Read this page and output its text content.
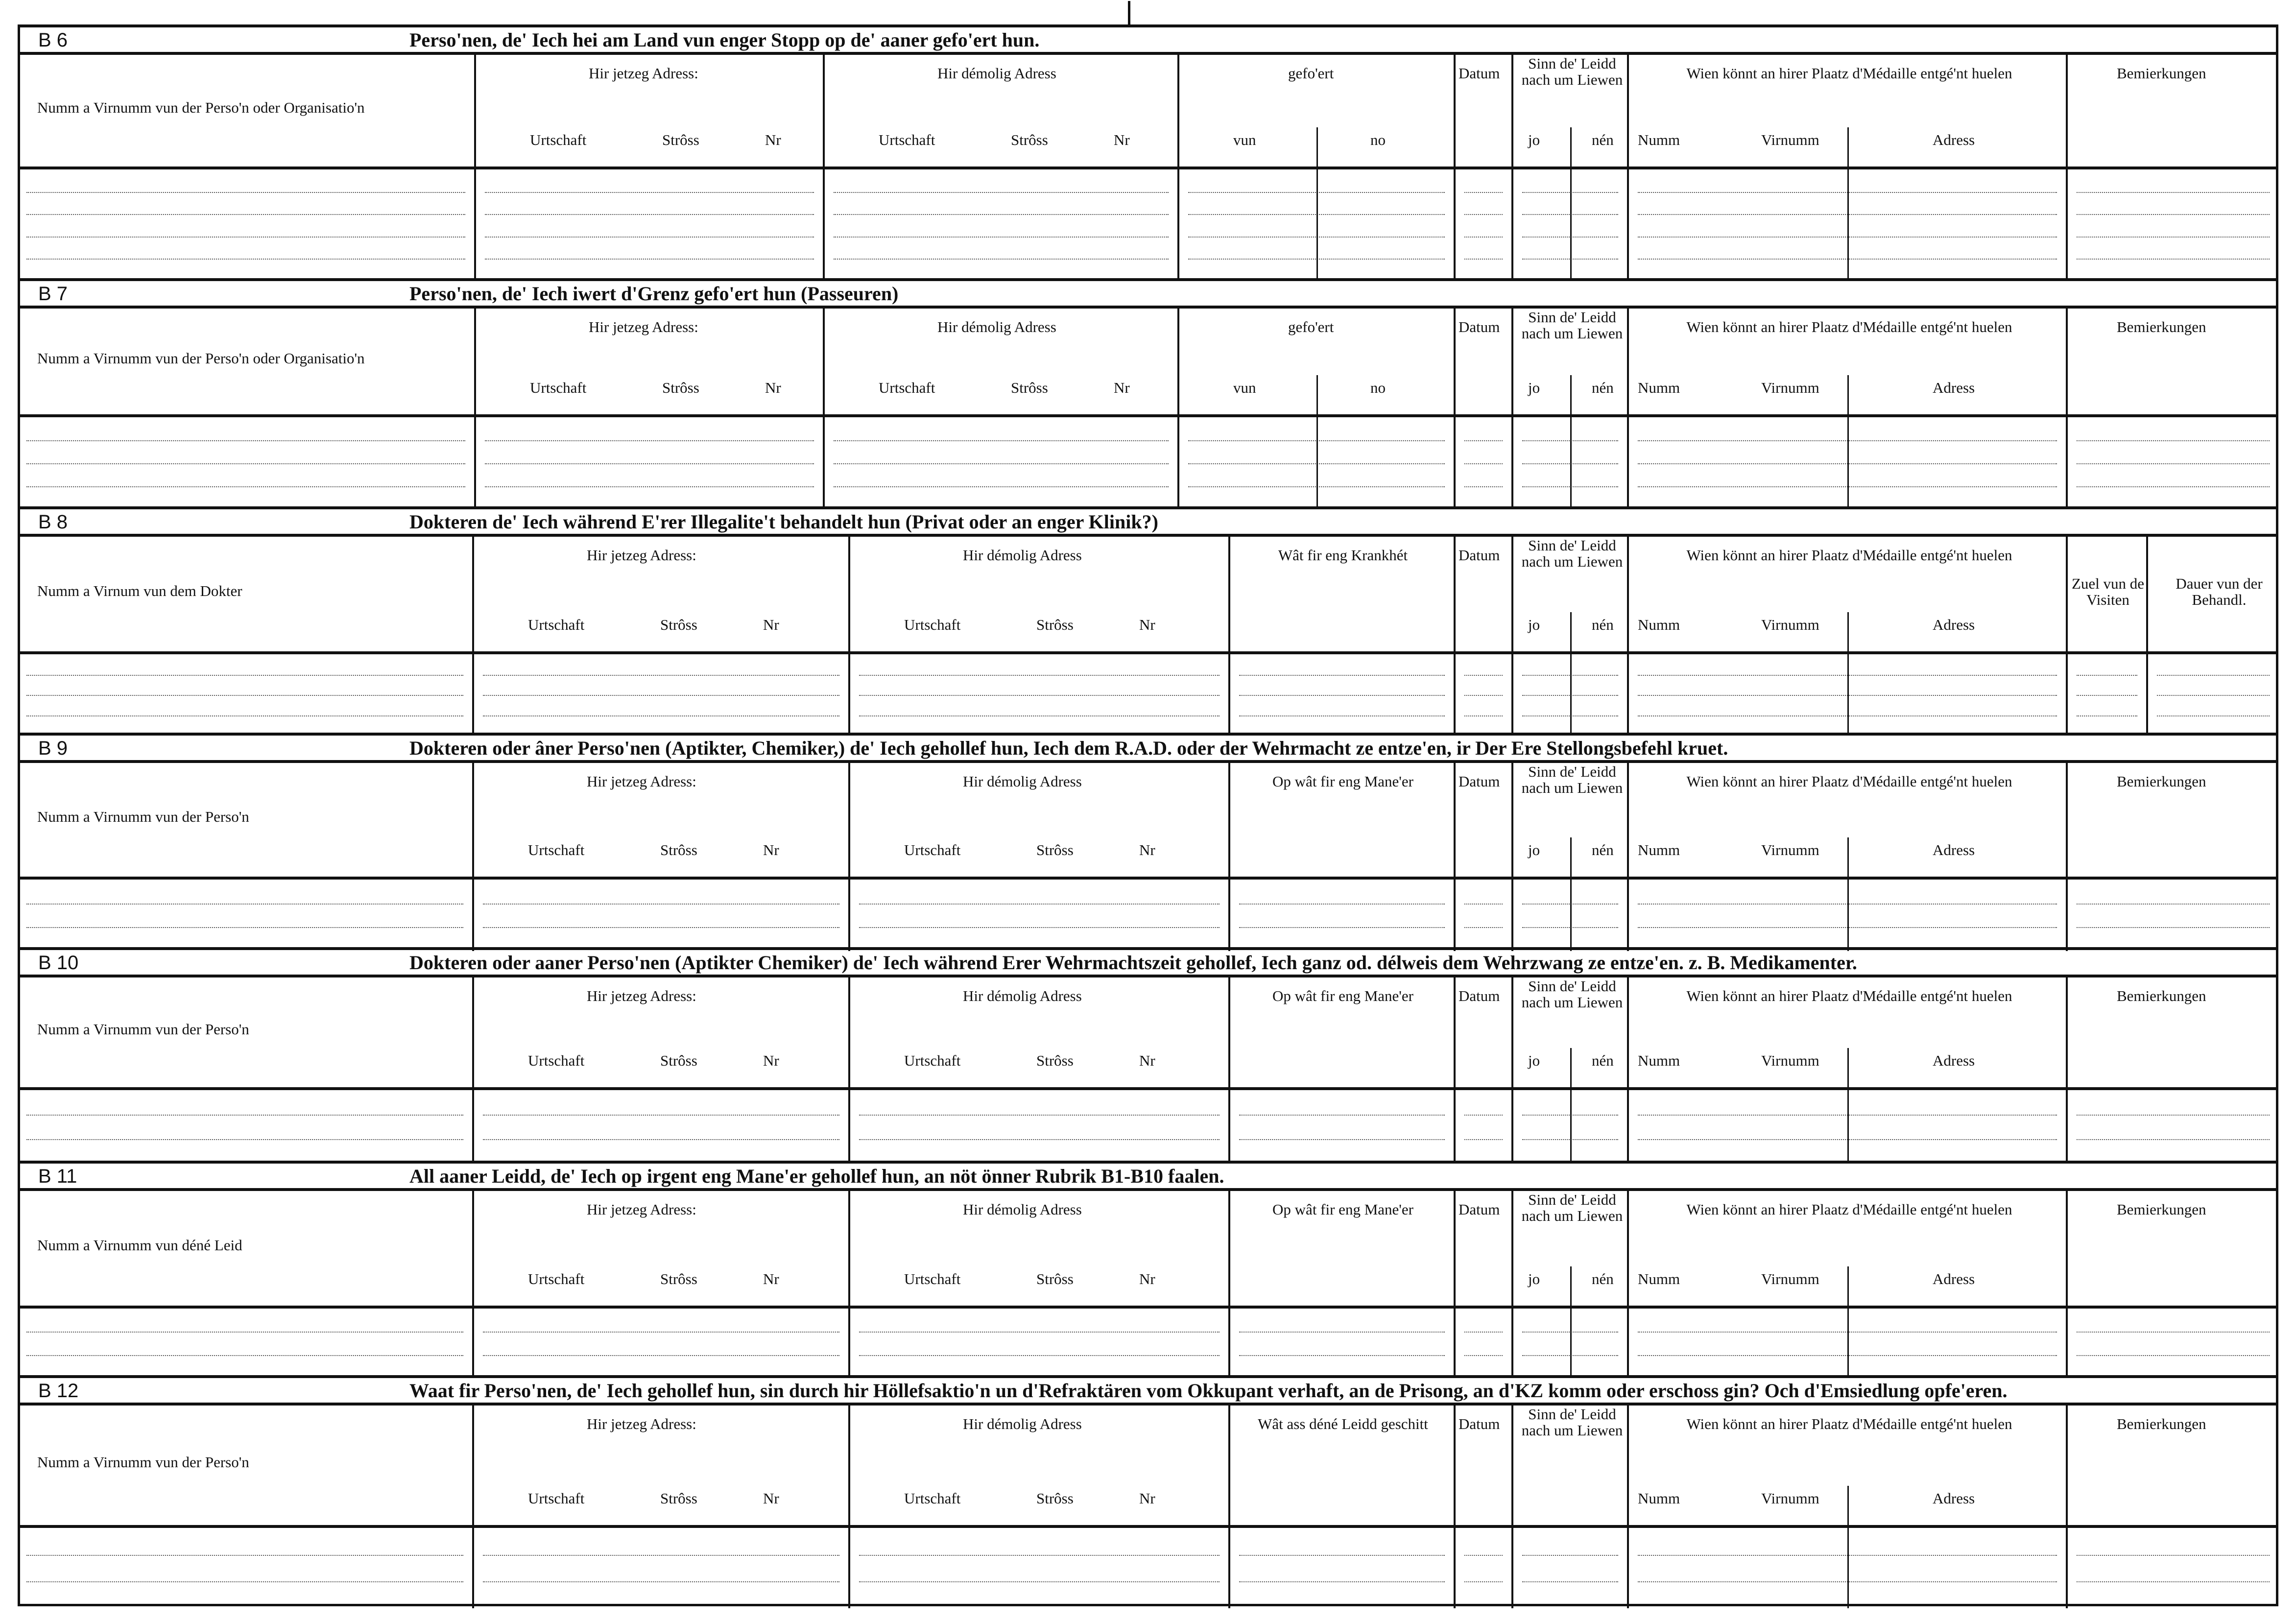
B 6	Perso'nen, de' Iech hei am Land vun enger Stopp op de' aaner gefo'ert hun.
Numm a Virnumm vun der Perso'n oder Organisatio'n
Hir jetzeg Adress:
Urtschaft	Strôss	Nr
Hir démolig Adress
Urtschaft	Strôss	Nr
gefo'ert
vun	no
Datum
Sinn de' Leidd nach um Liewen
jo	nén
Wien könnt an hirer Plaatz d'Médaille entgé'nt huelen
Numm	Virnumm	Adress
Bemierkungen
B 7	Perso'nen, de' Iech iwert d'Grenz gefo'ert hun (Passeuren)
Numm a Virnumm vun der Perso'n oder Organisatio'n
Hir jetzeg Adress:
Urtschaft	Strôss	Nr
Hir démolig Adress
Urtschaft	Strôss	Nr
gefo'ert
vun	no
Datum
Sinn de' Leidd nach um Liewen
jo	nén
Wien könnt an hirer Plaatz d'Médaille entgé'nt huelen
Numm	Virnumm	Adress
Bemierkungen
B 8	Dokteren de' Iech während E'rer Illegalite't behandelt hun (Privat oder an enger Klinik?)
Numm a Virnum vun dem Dokter
Hir jetzeg Adress:
Urtschaft	Strôss	Nr
Hir démolig Adress
Urtschaft	Strôss	Nr
Wât fir eng Krankhét	Datum
Sinn de' Leidd nach um Liewen
jo	nén
Wien könnt an hirer Plaatz d'Médaille entgé'nt huelen
Numm	Virnumm	Adress
Zuel vun de Visiten
Dauer vun der Behandl.
B 9	Dokteren oder âner Perso'nen (Aptikter, Chemiker,) de' Iech gehollef hun, Iech dem R.A.D. oder der Wehrmacht ze entze'en, ir Der Ere Stellongsbefehl kruet.
Numm a Virnumm vun der Perso'n
Hir jetzeg Adress:
Urtschaft	Strôss	Nr
Hir démolig Adress
Urtschaft	Strôss	Nr
Op wât fir eng Mane'er	Datum
Sinn de' Leidd nach um Liewen
jo	nén
Wien könnt an hirer Plaatz d'Médaille entgé'nt huelen
Numm	Virnumm	Adress
Bemierkungen
B 10	Dokteren oder aaner Perso'nen (Aptikter Chemiker) de' Iech während Erer Wehrmachtszeit gehollef, Iech ganz od. délweis dem Wehrzwang ze entze'en. z. B. Medikamenter.
Numm a Virnumm vun der Perso'n
Hir jetzeg Adress:
Urtschaft	Strôss	Nr
Hir démolig Adress
Urtschaft	Strôss	Nr
Op wât fir eng Mane'er	Datum
Sinn de' Leidd nach um Liewen
jo	nén
Wien könnt an hirer Plaatz d'Médaille entgé'nt huelen
Numm	Virnumm	Adress
Bemierkungen
B 11	All aaner Leidd, de' Iech op irgent eng Mane'er gehollef hun, an nöt önner Rubrik B1-B10 faalen.
Numm a Virnumm vun déné Leid
Hir jetzeg Adress:
Urtschaft	Strôss	Nr
Hir démolig Adress
Urtschaft	Strôss	Nr
Op wât fir eng Mane'er	Datum
Sinn de' Leidd nach um Liewen
jo	nén
Wien könnt an hirer Plaatz d'Médaille entgé'nt huelen
Numm	Virnumm	Adress
Bemierkungen
B 12	Waat fir Perso'nen, de' Iech gehollef hun, sin durch hir Höllefsaktio'n un d'Refraktären vom Okkupant verhaft, an de Prisong, an d'KZ komm oder erschoss gin? Och d'Emsiedlung opfe'eren.
Numm a Virnumm vun der Perso'n
Hir jetzeg Adress:
Urtschaft	Strôss	Nr
Hir démolig Adress
Urtschaft	Strôss	Nr
Wât ass déné Leidd geschitt	Datum
Sinn de' Leidd nach um Liewen	Wien könnt an hirer Plaatz d'Médaille entgé'nt huelen
Numm	Virnumm	Adress
Bemierkungen
